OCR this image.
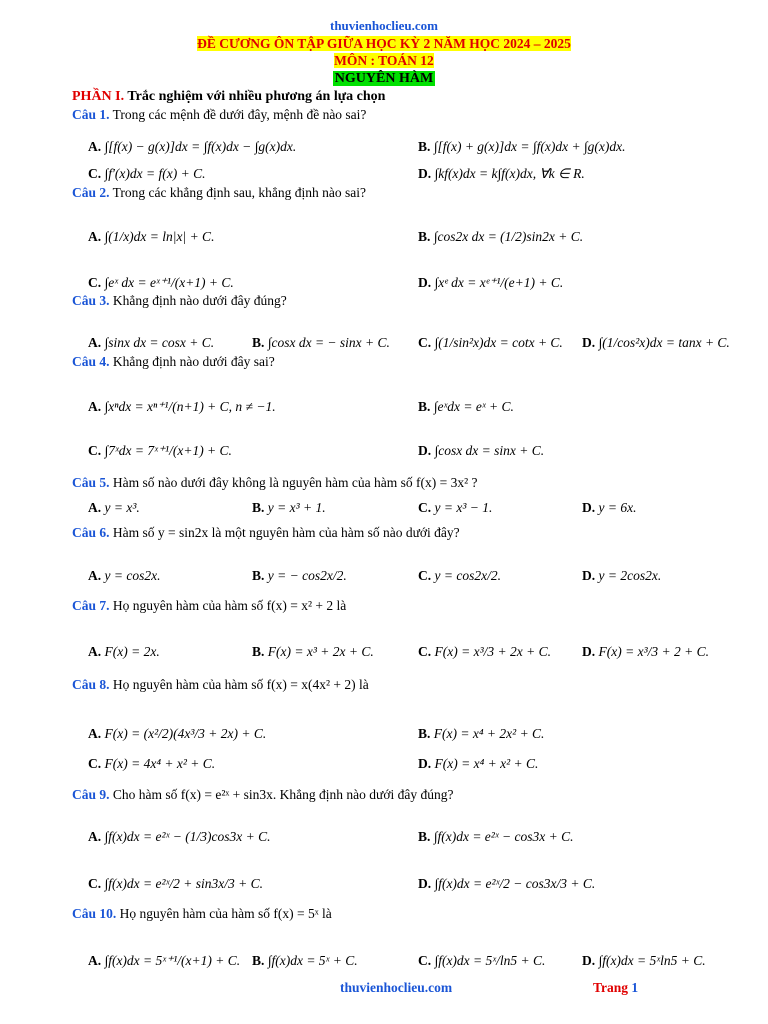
thuvienhoclieu.com
ĐỀ CƯƠNG ÔN TẬP GIỮA HỌC KỲ 2 NĂM HỌC 2024 – 2025
MÔN : TOÁN 12
NGUYÊN HÀM
PHẦN I. Trắc nghiệm với nhiều phương án lựa chọn
Câu 1. Trong các mệnh đề dưới đây, mệnh đề nào sai?
A. ∫[f(x) − g(x)]dx = ∫f(x)dx − ∫g(x)dx.	B. ∫[f(x) + g(x)]dx = ∫f(x)dx + ∫g(x)dx.
C. ∫f′(x)dx = f(x) + C.	D. ∫kf(x)dx = k∫f(x)dx, ∀k ∈ R.
Câu 2. Trong các khẳng định sau, khẳng định nào sai?
A. ∫(1/x)dx = ln|x| + C.	B. ∫cos2x dx = (1/2)sin2x + C.
C. ∫eˣ dx = eˣ⁺¹/(x+1) + C.	D. ∫xᵉ dx = xᵉ⁺¹/(e+1) + C.
Câu 3. Khẳng định nào dưới đây đúng?
A. ∫sinx dx = cosx + C.	B. ∫cosx dx = − sinx + C. C. ∫(1/sin²x)dx = cotx + C. D. ∫(1/cos²x)dx = tanx + C.
Câu 4. Khẳng định nào dưới đây sai?
A. ∫xⁿdx = xⁿ⁺¹/(n+1) + C, n ≠ −1.	B. ∫eˣdx = eˣ + C.
C. ∫7ˣdx = 7ˣ⁺¹/(x+1) + C.	D. ∫cosx dx = sinx + C.
Câu 5. Hàm số nào dưới đây không là nguyên hàm của hàm số f(x) = 3x² ?
A. y = x³.	B. y = x³ + 1.	C. y = x³ − 1.	D. y = 6x.
Câu 6. Hàm số y = sin2x là một nguyên hàm của hàm số nào dưới đây?
A. y = cos2x.	B. y = − cos2x/2.	C. y = cos2x/2.	D. y = 2cos2x.
Câu 7. Họ nguyên hàm của hàm số f(x) = x² + 2 là
A. F(x) = 2x.	B. F(x) = x³ + 2x + C.	C. F(x) = x³/3 + 2x + C. D. F(x) = x³/3 + 2 + C.
Câu 8. Họ nguyên hàm của hàm số f(x) = x(4x² + 2) là
A. F(x) = (x²/2)(4x³/3 + 2x) + C.	B. F(x) = x⁴ + 2x² + C.
C. F(x) = 4x⁴ + x² + C.	D. F(x) = x⁴ + x² + C.
Câu 9. Cho hàm số f(x) = e²ˣ + sin3x. Khẳng định nào dưới đây đúng?
A. ∫f(x)dx = e²ˣ − (1/3)cos3x + C.	B. ∫f(x)dx = e²ˣ − cos3x + C.
C. ∫f(x)dx = e²ˣ/2 + sin3x/3 + C.	D. ∫f(x)dx = e²ˣ/2 − cos3x/3 + C.
Câu 10. Họ nguyên hàm của hàm số f(x) = 5ˣ là
A. ∫f(x)dx = 5ˣ⁺¹/(x+1) + C. B. ∫f(x)dx = 5ˣ + C.	C. ∫f(x)dx = 5ˣ/ln5 + C.	D. ∫f(x)dx = 5ˣln5 + C.
thuvienhoclieu.com	Trang 1
